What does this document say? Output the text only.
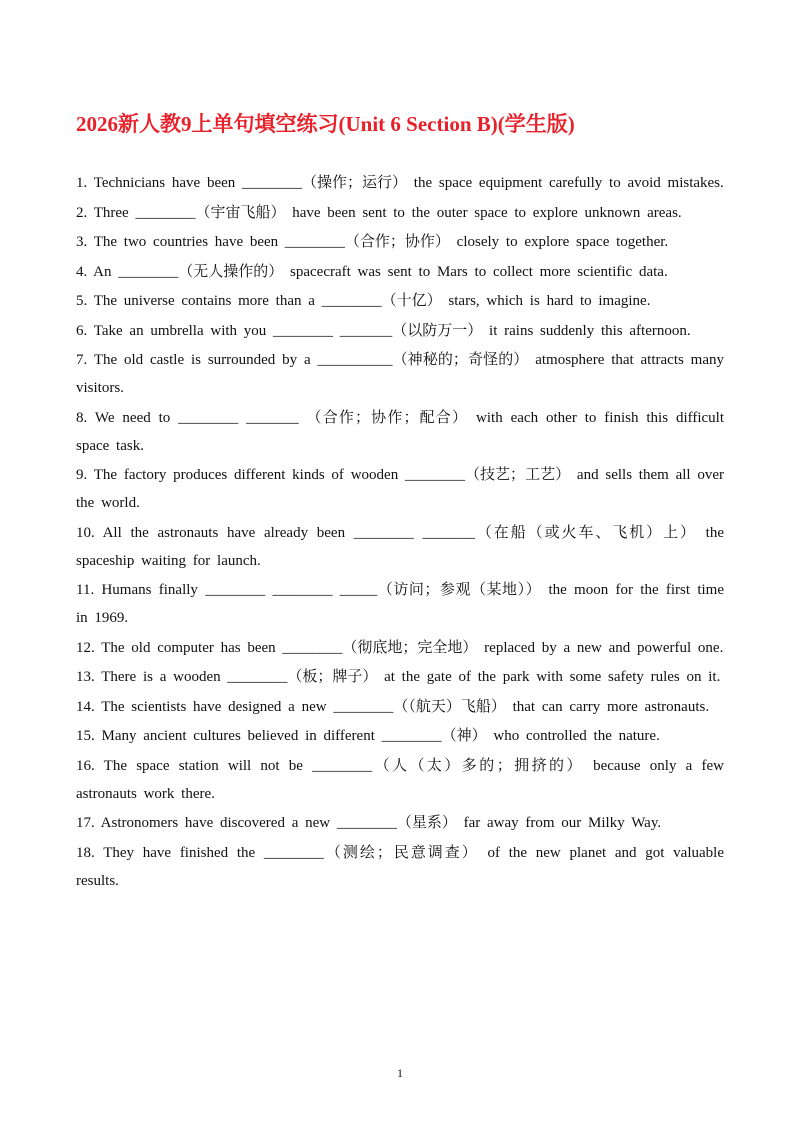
2026新人教9上单句填空练习(Unit 6 Section B)(学生版)
1. Technicians have been ________（操作；运行） the space equipment carefully to avoid mistakes.
2. Three ________（宇宙飞船） have been sent to the outer space to explore unknown areas.
3. The two countries have been ________（合作；协作） closely to explore space together.
4. An ________（无人操作的） spacecraft was sent to Mars to collect more scientific data.
5. The universe contains more than a ________（十亿） stars, which is hard to imagine.
6. Take an umbrella with you ________ _______（以防万一） it rains suddenly this afternoon.
7. The old castle is surrounded by a __________（神秘的；奇怪的） atmosphere that attracts many visitors.
8. We need to ________ _______ （合作；协作；配合） with each other to finish this difficult space task.
9. The factory produces different kinds of wooden ________（技艺；工艺） and sells them all over the world.
10. All the astronauts have already been ________ _______（在船（或火车、飞机）上） the spaceship waiting for launch.
11. Humans finally ________ ________ _____（访问；参观（某地）） the moon for the first time in 1969.
12. The old computer has been ________（彻底地；完全地） replaced by a new and powerful one.
13. There is a wooden ________（板；牌子） at the gate of the park with some safety rules on it.
14. The scientists have designed a new ________（（航天）飞船） that can carry more astronauts.
15. Many ancient cultures believed in different ________（神） who controlled the nature.
16. The space station will not be ________（人（太）多的；拥挤的） because only a few astronauts work there.
17. Astronomers have discovered a new ________（星系） far away from our Milky Way.
18. They have finished the ________（测绘；民意调查） of the new planet and got valuable results.
1
